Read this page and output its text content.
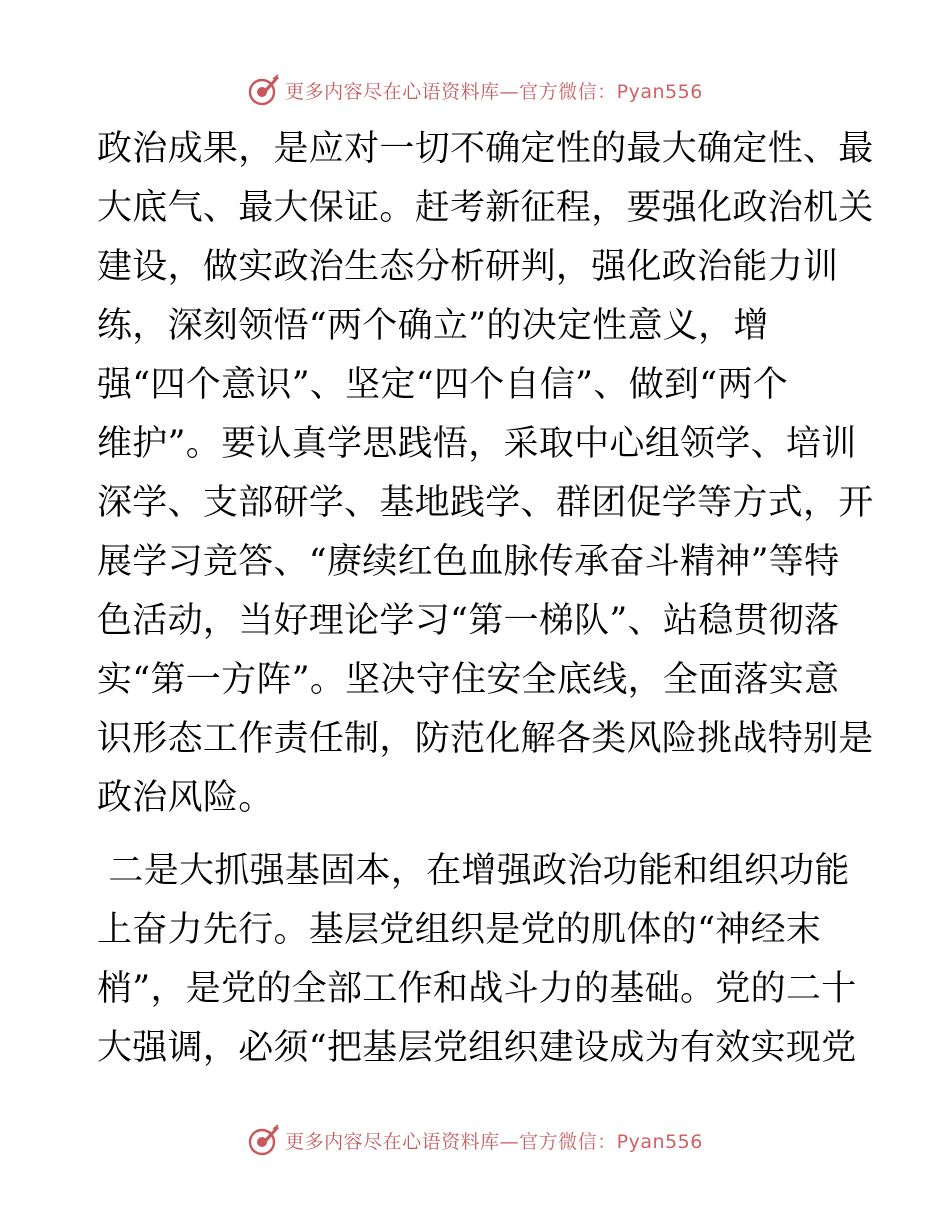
更多内容尽在心语资料库—官方微信：Pyan556
政治成果，是应对一切不确定性的最大确定性、最
大底气、最大保证。赶考新征程，要强化政治机关
建设，做实政治生态分析研判，强化政治能力训
练，深刻领悟“两个确立”的决定性意义，增
强“四个意识”、坚定“四个自信”、做到“两个
维护”。要认真学思践悟，采取中心组领学、培训
深学、支部研学、基地践学、群团促学等方式，开
展学习竞答、“赓续红色血脉传承奋斗精神”等特
色活动，当好理论学习“第一梯队”、站稳贯彻落
实“第一方阵”。坚决守住安全底线，全面落实意
识形态工作责任制，防范化解各类风险挑战特别是
政治风险。
二是大抓强基固本，在增强政治功能和组织功能
上奋力先行。基层党组织是党的肌体的“神经末
梢”，是党的全部工作和战斗力的基础。党的二十
大强调，必须“把基层党组织建设成为有效实现党
更多内容尽在心语资料库—官方微信：Pyan556
